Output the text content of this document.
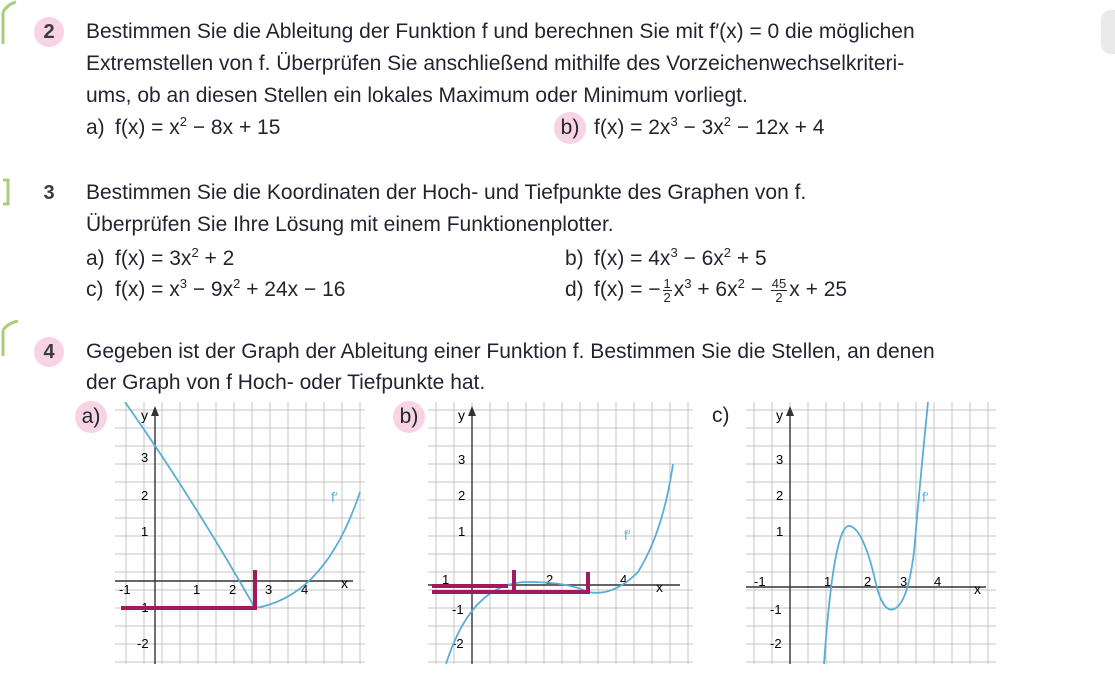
2	Bestimmen Sie die Ableitung der Funktion f und berechnen Sie mit f′(x) = 0 die möglichen
Extremstellen von f. Überprüfen Sie anschließend mithilfe des Vorzeichenwechselkriteri-
ums, ob an diesen Stellen ein lokales Maximum oder Minimum vorliegt.
a) $f(x) = x^2 - 8x + 15$	b) $f(x) = 2x^3 - 3x^2 - 12x + 4$
3	Bestimmen Sie die Koordinaten der Hoch- und Tiefpunkte des Graphen von f.
Überprüfen Sie Ihre Lösung mit einem Funktionenplotter.
a) $f(x) = 3x^2 + 2$	b) $f(x) = 4x^3 - 6x^2 + 5$
c) $f(x) = x^3 - 9x^2 + 24x - 16$	d) f(x) = − $\frac{1}{2} x^3 + 6x^2 - \frac{45}{2}$ x + 25
4	Gegeben ist der Graph der Ableitung einer Funktion f. Bestimmen Sie die Stellen, an denen
der Graph von f Hoch- oder Tiefpunkte hat.
a)	b)	c)
x
y
-1	1 2 3 4
3
2
1
-1
-2
f′
x
y
1	2	4
3
2
1
-1
-2
f′
x
y
-1	1	2 3 4
3
2
1
-1
-2
f′
